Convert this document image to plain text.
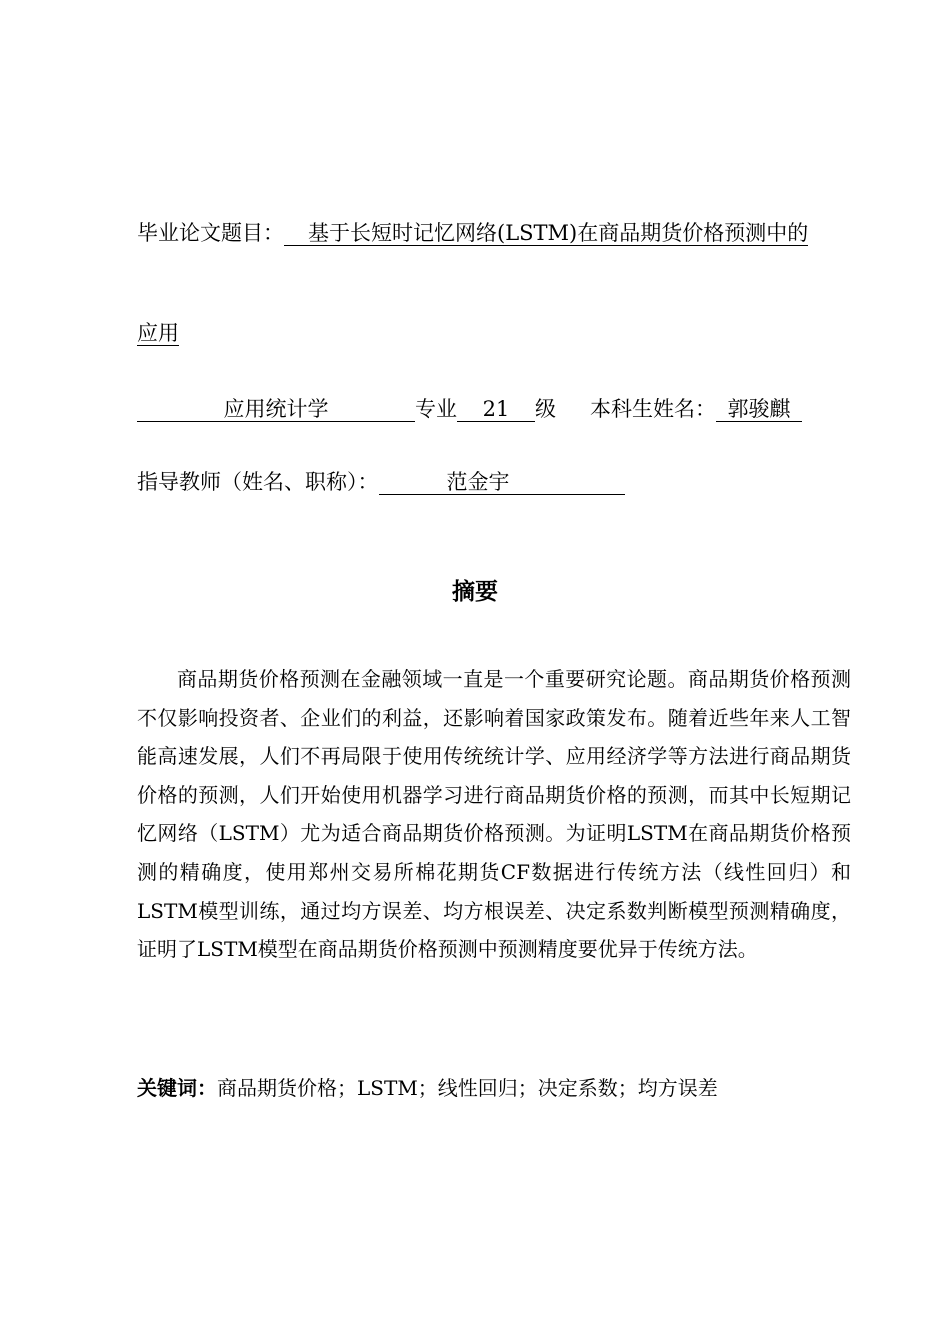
毕业论文题目： 基于长短时记忆网络(LSTM)在商品期货价格预测中的
应用
应用统计学	专业 21 级 本科生姓名： 郭骏麒
指导教师（姓名、职称）：	范金宇
摘要

商品期货价格预测在金融领域一直是一个重要研究论题。商品期货价格预测不仅影响投资者、企业们的利益，还影响着国家政策发布。随着近些年来人工智能高速发展，人们不再局限于使用传统统计学、应用经济学等方法进行商品期货价格的预测，人们开始使用机器学习进行商品期货价格的预测，而其中长短期记忆网络（LSTM）尤为适合商品期货价格预测。为证明LSTM在商品期货价格预测的精确度，使用郑州交易所棉花期货CF数据进行传统方法（线性回归）和LSTM模型训练，通过均方误差、均方根误差、决定系数判断模型预测精确度，证明了LSTM模型在商品期货价格预测中预测精度要优异于传统方法。

关键词：商品期货价格；LSTM；线性回归；决定系数；均方误差
